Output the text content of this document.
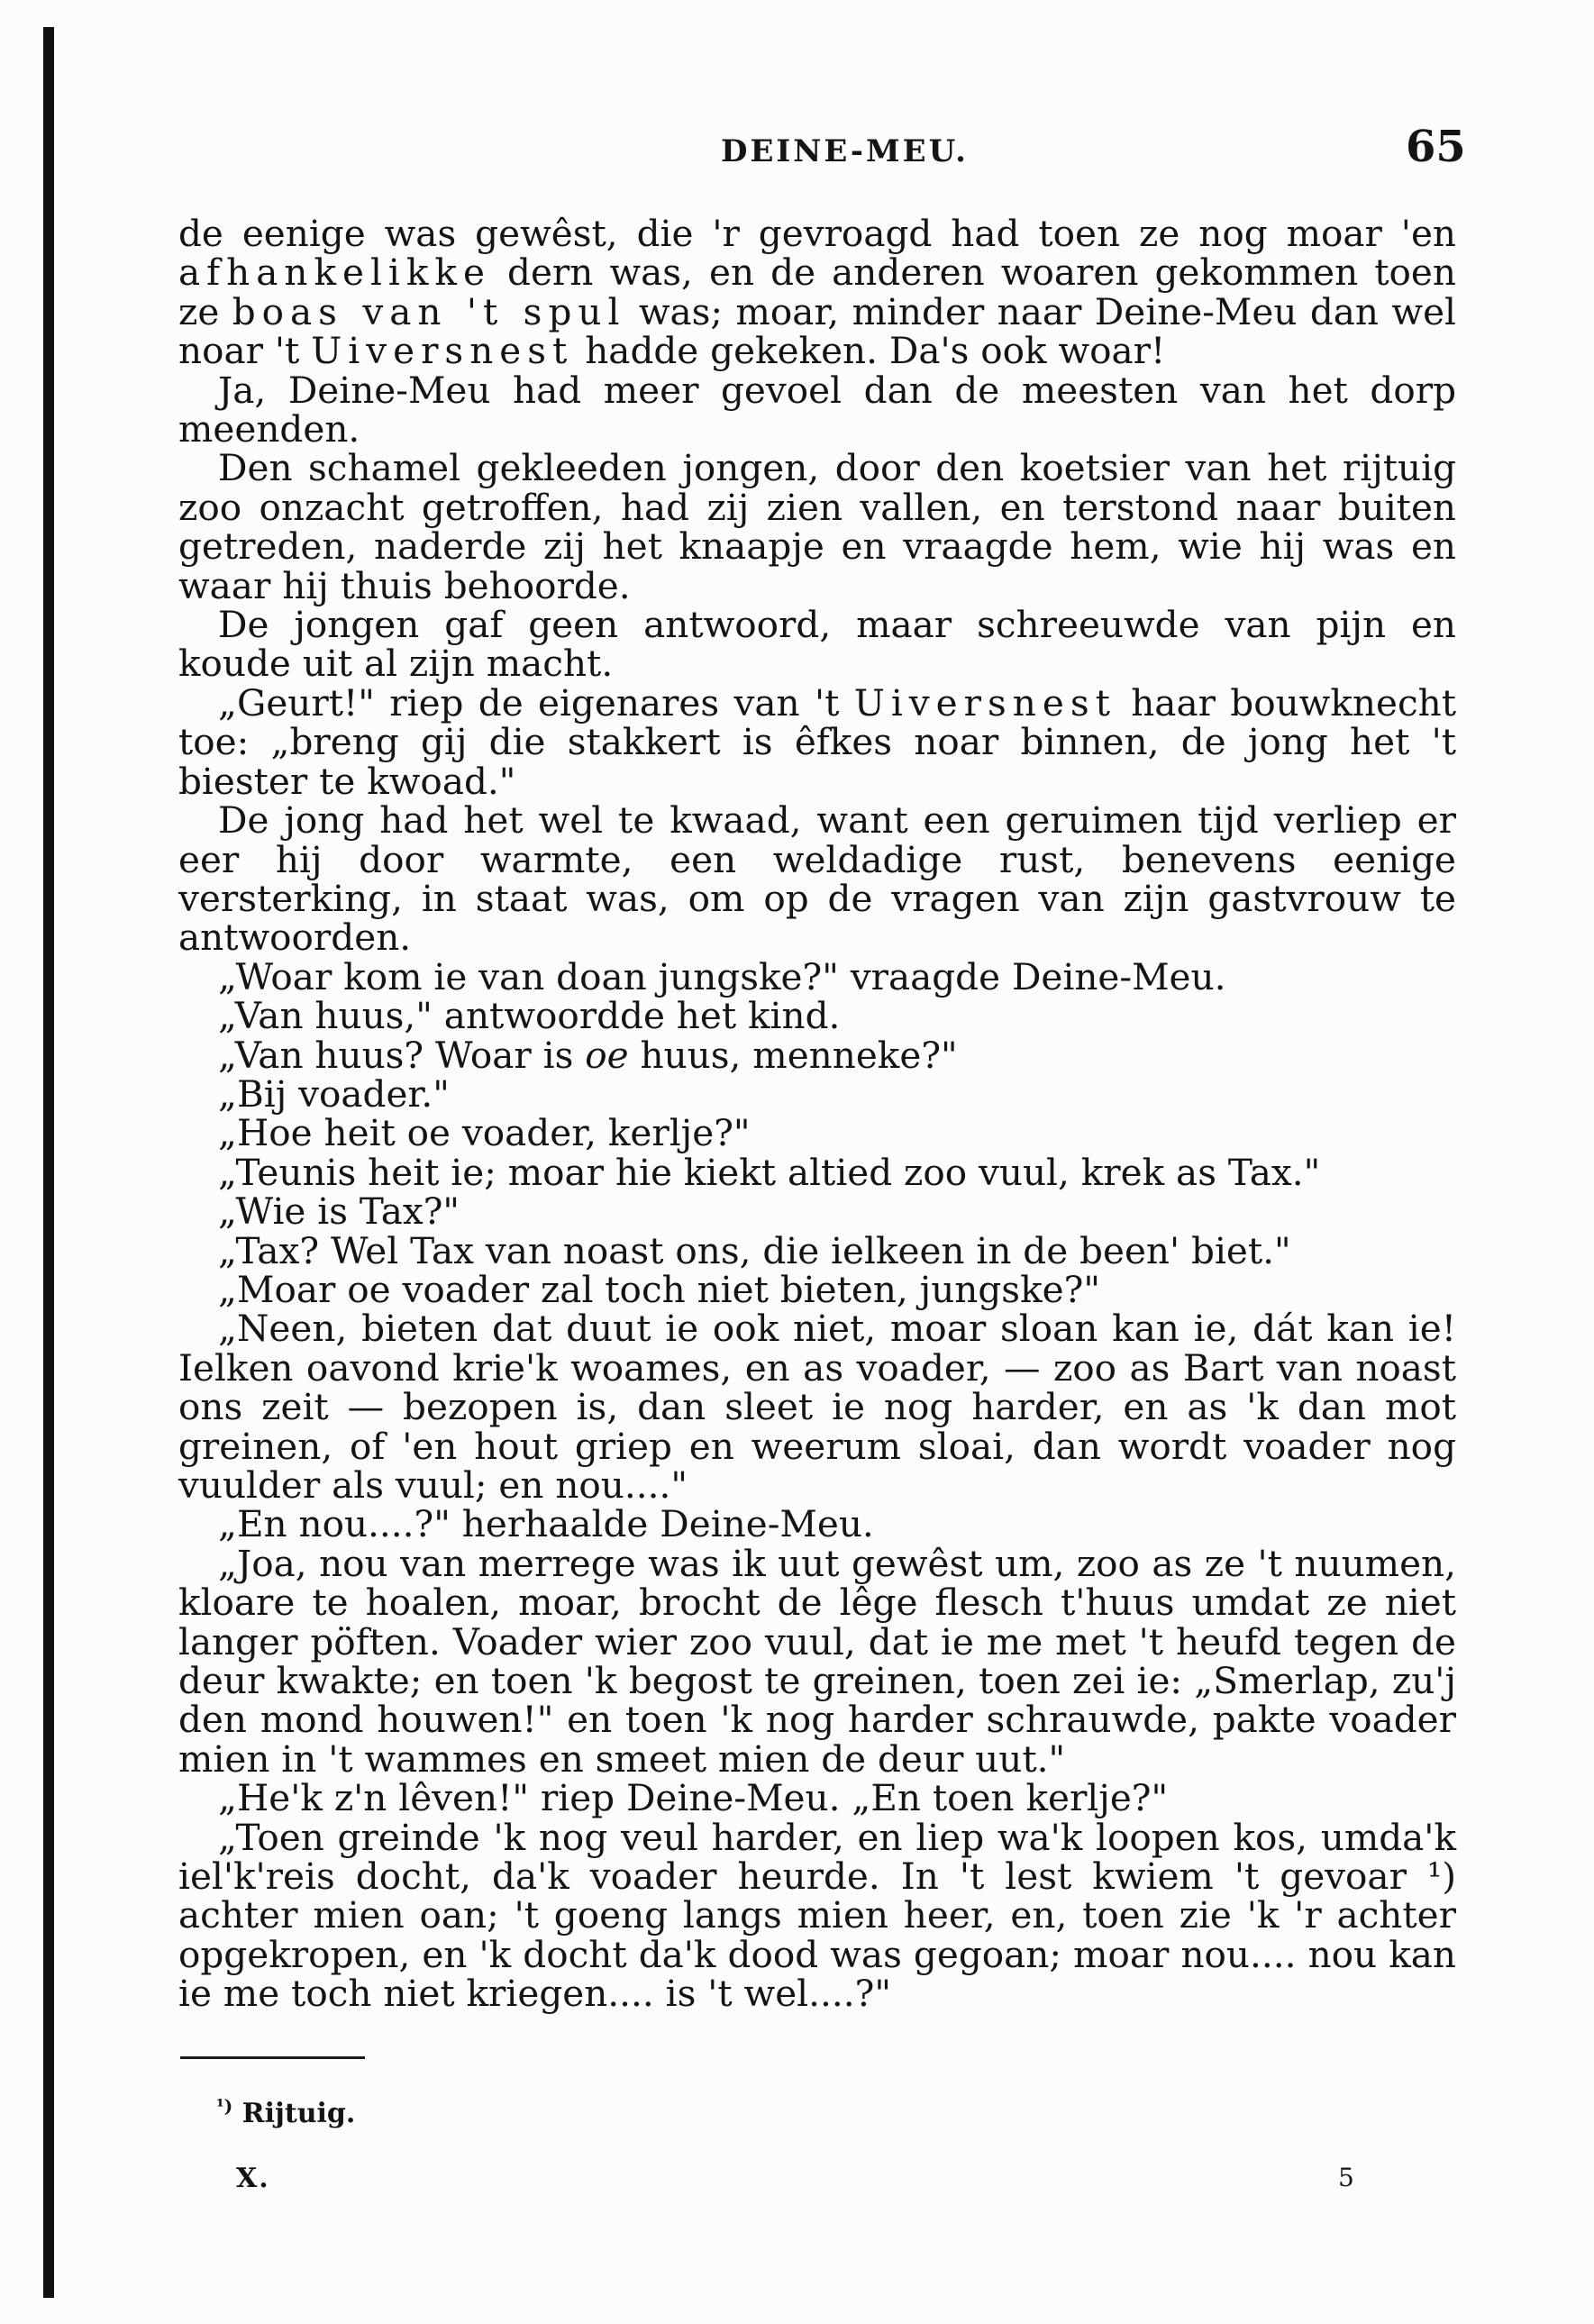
DEINE-MEU.	65

de eenige was gewêst, die 'r gevroagd had toen ze nog moar 'en afhankelikke dern was, en de anderen woaren gekommen toen ze boas van 't spul was; moar, minder naar Deine-Meu dan wel noar 't Uiversnest hadde gekeken. Da's ook woar!

Ja, Deine-Meu had meer gevoel dan de meesten van het dorp meenden.

Den schamel gekleeden jongen, door den koetsier van het rijtuig zoo onzacht getroffen, had zij zien vallen, en terstond naar buiten getreden, naderde zij het knaapje en vraagde hem, wie hij was en waar hij thuis behoorde.

De jongen gaf geen antwoord, maar schreeuwde van pijn en koude uit al zijn macht.

„Geurt!" riep de eigenares van 't Uiversnest haar bouwknecht toe: „breng gij die stakkert is êfkes noar binnen, de jong het 't biester te kwoad."

De jong had het wel te kwaad, want een geruimen tijd verliep er eer hij door warmte, een weldadige rust, benevens eenige versterking, in staat was, om op de vragen van zijn gastvrouw te antwoorden.

„Woar kom ie van doan jungske?" vraagde Deine-Meu.

„Van huus," antwoordde het kind.

„Van huus? Woar is oe huus, menneke?"

„Bij voader."

„Hoe heit oe voader, kerlje?"

„Teunis heit ie; moar hie kiekt altied zoo vuul, krek as Tax."

„Wie is Tax?"

„Tax? Wel Tax van noast ons, die ielkeen in de been' biet."

„Moar oe voader zal toch niet bieten, jungske?"

„Neen, bieten dat duut ie ook niet, moar sloan kan ie, dát kan ie! Ielken oavond krie'k woames, en as voader, — zoo as Bart van noast ons zeit — bezopen is, dan sleet ie nog harder, en as 'k dan mot greinen, of 'en hout griep en weerum sloai, dan wordt voader nog vuulder als vuul; en nou...."

„En nou....?" herhaalde Deine-Meu.

„Joa, nou van merrege was ik uut gewêst um, zoo as ze 't nuumen, kloare te hoalen, moar, brocht de lêge flesch t'huus umdat ze niet langer pöften. Voader wier zoo vuul, dat ie me met 't heufd tegen de deur kwakte; en toen 'k begost te greinen, toen zei ie: „Smerlap, zu'j den mond houwen!" en toen 'k nog harder schrauwde, pakte voader mien in 't wammes en smeet mien de deur uut."

„He'k z'n lêven!" riep Deine-Meu. „En toen kerlje?"

„Toen greinde 'k nog veul harder, en liep wa'k loopen kos, umda'k iel'k'reis docht, da'k voader heurde. In 't lest kwiem 't gevoar ¹) achter mien oan; 't goeng langs mien heer, en, toen zie 'k 'r achter opgekropen, en 'k docht da'k dood was gegoan; moar nou.... nou kan ie me toch niet kriegen.... is 't wel....?"

$^{^1)}$ Rijtuig.
X.	5
